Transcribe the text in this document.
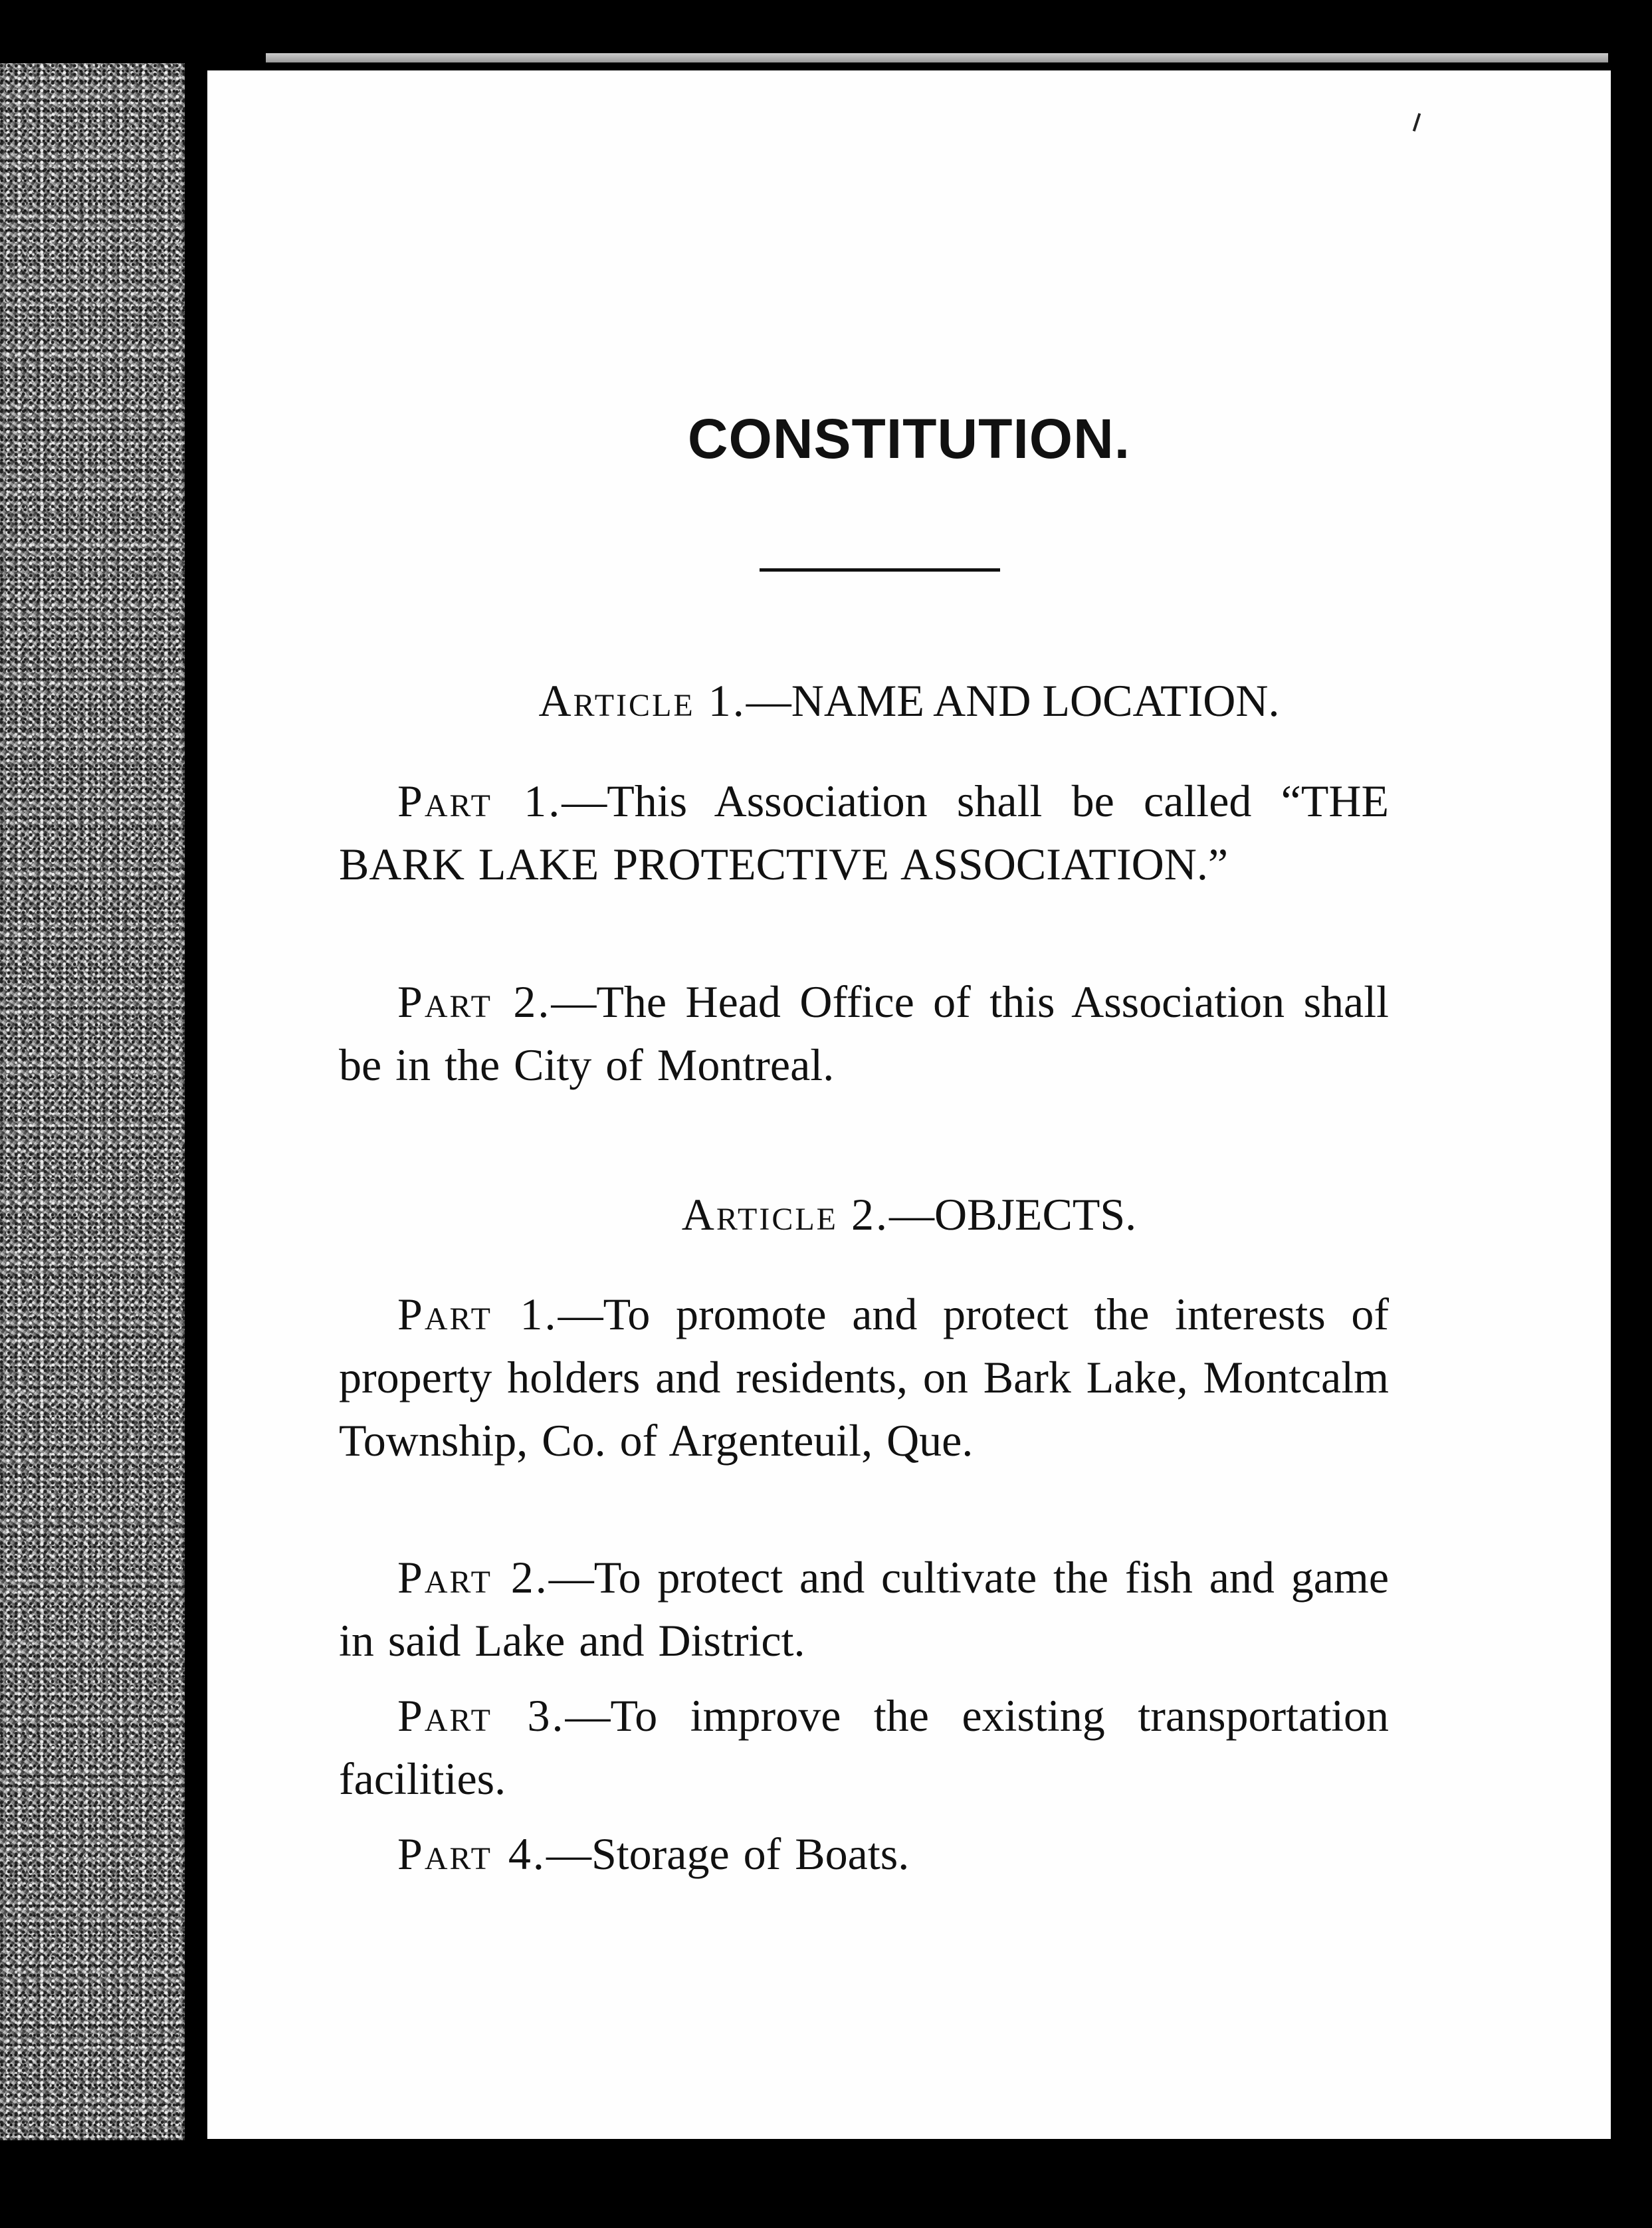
CONSTITUTION.

Article 1.—NAME AND LOCATION.

Part 1.—This Association shall be called “THE BARK LAKE PROTECTIVE ASSOCIATION.”

Part 2.—The Head Office of this Association shall be in the City of Montreal.

Article 2.—OBJECTS.

Part 1.—To promote and protect the interests of property holders and residents, on Bark Lake, Montcalm Township, Co. of Argenteuil, Que.

Part 2.—To protect and cultivate the fish and game in said Lake and District.

Part 3.—To improve the existing transportation facilities.

Part 4.—Storage of Boats.
